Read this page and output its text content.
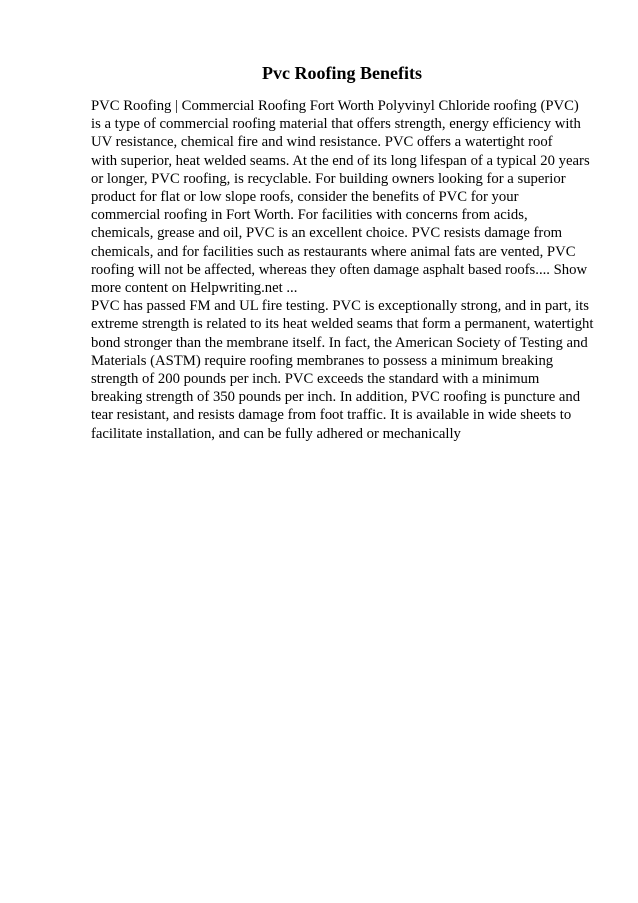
Pvc Roofing Benefits
PVC Roofing | Commercial Roofing Fort Worth Polyvinyl Chloride roofing (PVC)
is a type of commercial roofing material that offers strength, energy efficiency with
UV resistance, chemical fire and wind resistance. PVC offers a watertight roof
with superior, heat welded seams. At the end of its long lifespan of a typical 20 years
or longer, PVC roofing, is recyclable. For building owners looking for a superior
product for flat or low slope roofs, consider the benefits of PVC for your
commercial roofing in Fort Worth. For facilities with concerns from acids,
chemicals, grease and oil, PVC is an excellent choice. PVC resists damage from
chemicals, and for facilities such as restaurants where animal fats are vented, PVC
roofing will not be affected, whereas they often damage asphalt based roofs.... Show
more content on Helpwriting.net ...
PVC has passed FM and UL fire testing. PVC is exceptionally strong, and in part, its
extreme strength is related to its heat welded seams that form a permanent, watertight
bond stronger than the membrane itself. In fact, the American Society of Testing and
Materials (ASTM) require roofing membranes to possess a minimum breaking
strength of 200 pounds per inch. PVC exceeds the standard with a minimum
breaking strength of 350 pounds per inch. In addition, PVC roofing is puncture and
tear resistant, and resists damage from foot traffic. It is available in wide sheets to
facilitate installation, and can be fully adhered or mechanically
